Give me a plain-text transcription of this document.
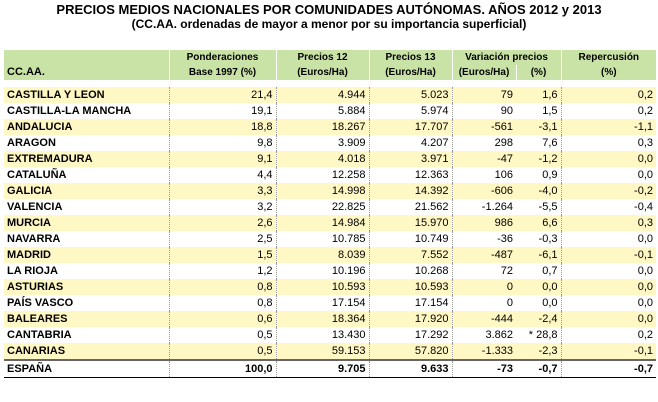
PRECIOS MEDIOS NACIONALES POR COMUNIDADES AUTÓNOMAS. AÑOS 2012 y 2013
(CC.AA. ordenadas de mayor a menor por su importancia superficial)
CC.AA.	Ponderaciones	Precios 12	Precios 13	Variación precios		Repercusión
	Base 1997 (%)	(Euros/Ha)	(Euros/Ha)	(Euros/Ha)	(%)	(%)

CASTILLA Y LEON	21,4	4.944	5.023	79	1,6	0,2
CASTILLA-LA MANCHA	19,1	5.884	5.974	90	1,5	0,2
ANDALUCIA	18,8	18.267	17.707	-561	-3,1	-1,1
ARAGON	9,8	3.909	4.207	298	7,6	0,3
EXTREMADURA	9,1	4.018	3.971	-47	-1,2	0,0
CATALUÑA	4,4	12.258	12.363	106	0,9	0,0
GALICIA	3,3	14.998	14.392	-606	-4,0	-0,2
VALENCIA	3,2	22.825	21.562	-1.264	-5,5	-0,4
MURCIA	2,6	14.984	15.970	986	6,6	0,3
NAVARRA	2,5	10.785	10.749	-36	-0,3	0,0
MADRID	1,5	8.039	7.552	-487	-6,1	-0,1
LA RIOJA	1,2	10.196	10.268	72	0,7	0,0
ASTURIAS	0,8	10.593	10.593	0	0,0	0,0
PAÍS VASCO	0,8	17.154	17.154	0	0,0	0,0
BALEARES	0,6	18.364	17.920	-444	-2,4	0,0
CANTABRIA	0,5	13.430	17.292	3.862	* 28,8	0,2
CANARIAS	0,5	59.153	57.820	-1.333	-2,3	-0,1
ESPAÑA	100,0	9.705	9.633	-73	-0,7	-0,7
